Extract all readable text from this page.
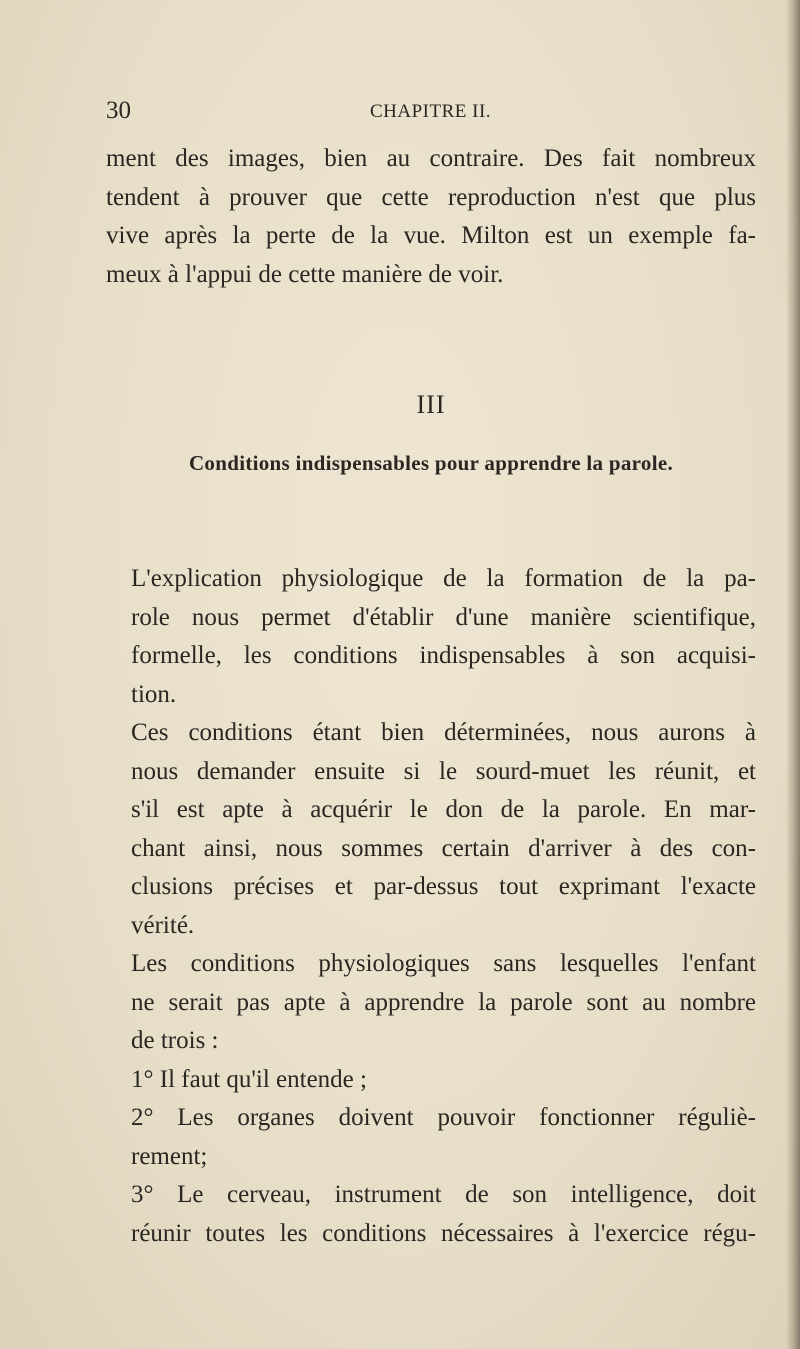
30	CHAPITRE II.

ment des images, bien au contraire. Des fait nombreux
tendent à prouver que cette reproduction n'est que plus
vive après la perte de la vue. Milton est un exemple fa-
meux à l'appui de cette manière de voir.

III
Conditions indispensables pour apprendre la parole.

L'explication physiologique de la formation de la pa-
role nous permet d'établir d'une manière scientifique,
formelle, les conditions indispensables à son acquisi-
tion.

Ces conditions étant bien déterminées, nous aurons à
nous demander ensuite si le sourd-muet les réunit, et
s'il est apte à acquérir le don de la parole. En mar-
chant ainsi, nous sommes certain d'arriver à des con-
clusions précises et par-dessus tout exprimant l'exacte
vérité.

Les conditions physiologiques sans lesquelles l'enfant
ne serait pas apte à apprendre la parole sont au nombre
de trois :

1° Il faut qu'il entende ;

2° Les organes doivent pouvoir fonctionner réguliè-
rement;

3° Le cerveau, instrument de son intelligence, doit
réunir toutes les conditions nécessaires à l'exercice régu-
